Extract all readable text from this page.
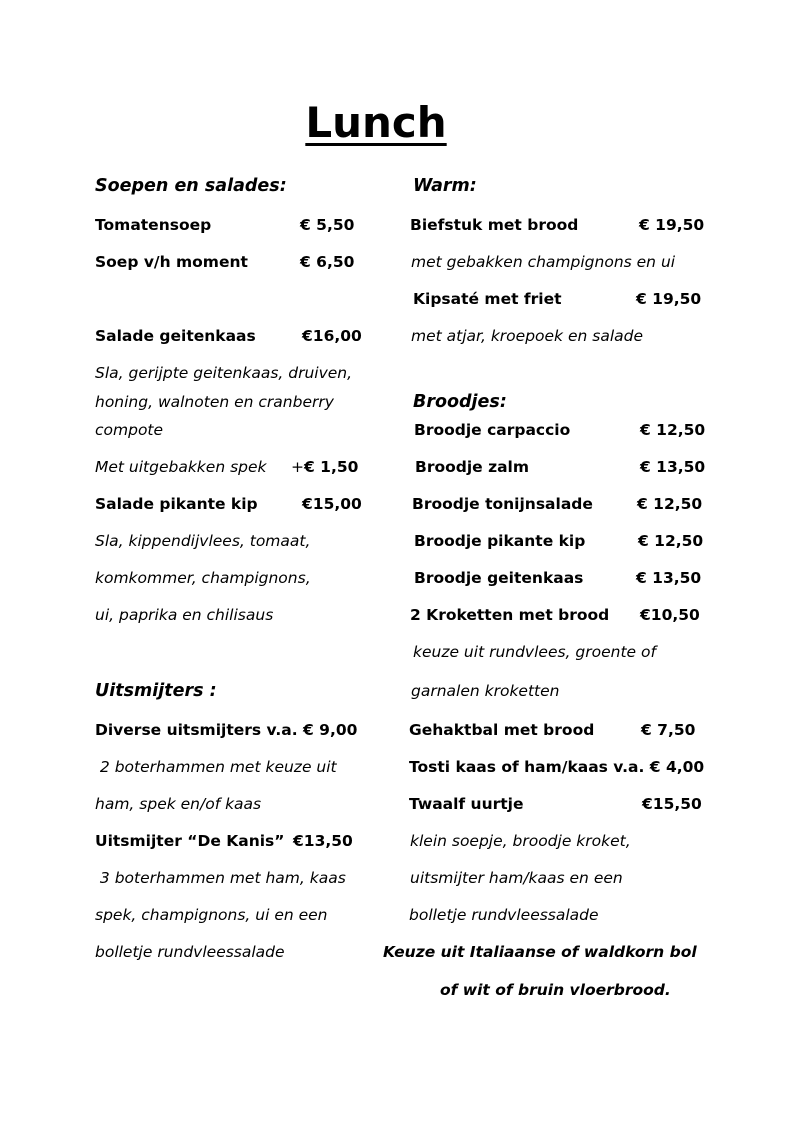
Lunch
Soepen en salades:
Tomatensoep	€ 5,50
Soep v/h moment	€ 6,50
Salade geitenkaas	€16,00
Sla, gerijpte geitenkaas, druiven,
honing, walnoten en cranberry
compote
Met uitgebakken spek + € 1,50
Salade pikante kip	€15,00
Sla, kippendijvlees, tomaat,
komkommer, champignons,
ui, paprika en chilisaus
Uitsmijters :
Diverse uitsmijters v.a. € 9,00
2 boterhammen met keuze uit
ham, spek en/of kaas
Uitsmijter “De Kanis” €13,50
3 boterhammen met ham, kaas
spek, champignons, ui en een
bolletje rundvleessalade
Warm:
Biefstuk met brood	€ 19,50
met gebakken champignons en ui
Kipsaté met friet	€ 19,50
met atjar, kroepoek en salade
Broodjes:
Broodje carpaccio	€ 12,50
Broodje zalm	€ 13,50
Broodje tonijnsalade	€ 12,50
Broodje pikante kip	€ 12,50
Broodje geitenkaas	€ 13,50
2 Kroketten met brood €10,50
keuze uit rundvlees, groente of
garnalen kroketten
Gehaktbal met brood	€ 7,50
Tosti kaas of ham/kaas v.a. € 4,00
Twaalf uurtje	€15,50
klein soepje, broodje kroket,
uitsmijter ham/kaas en een
bolletje rundvleessalade
Keuze uit Italiaanse of waldkorn bol
of wit of bruin vloerbrood.
